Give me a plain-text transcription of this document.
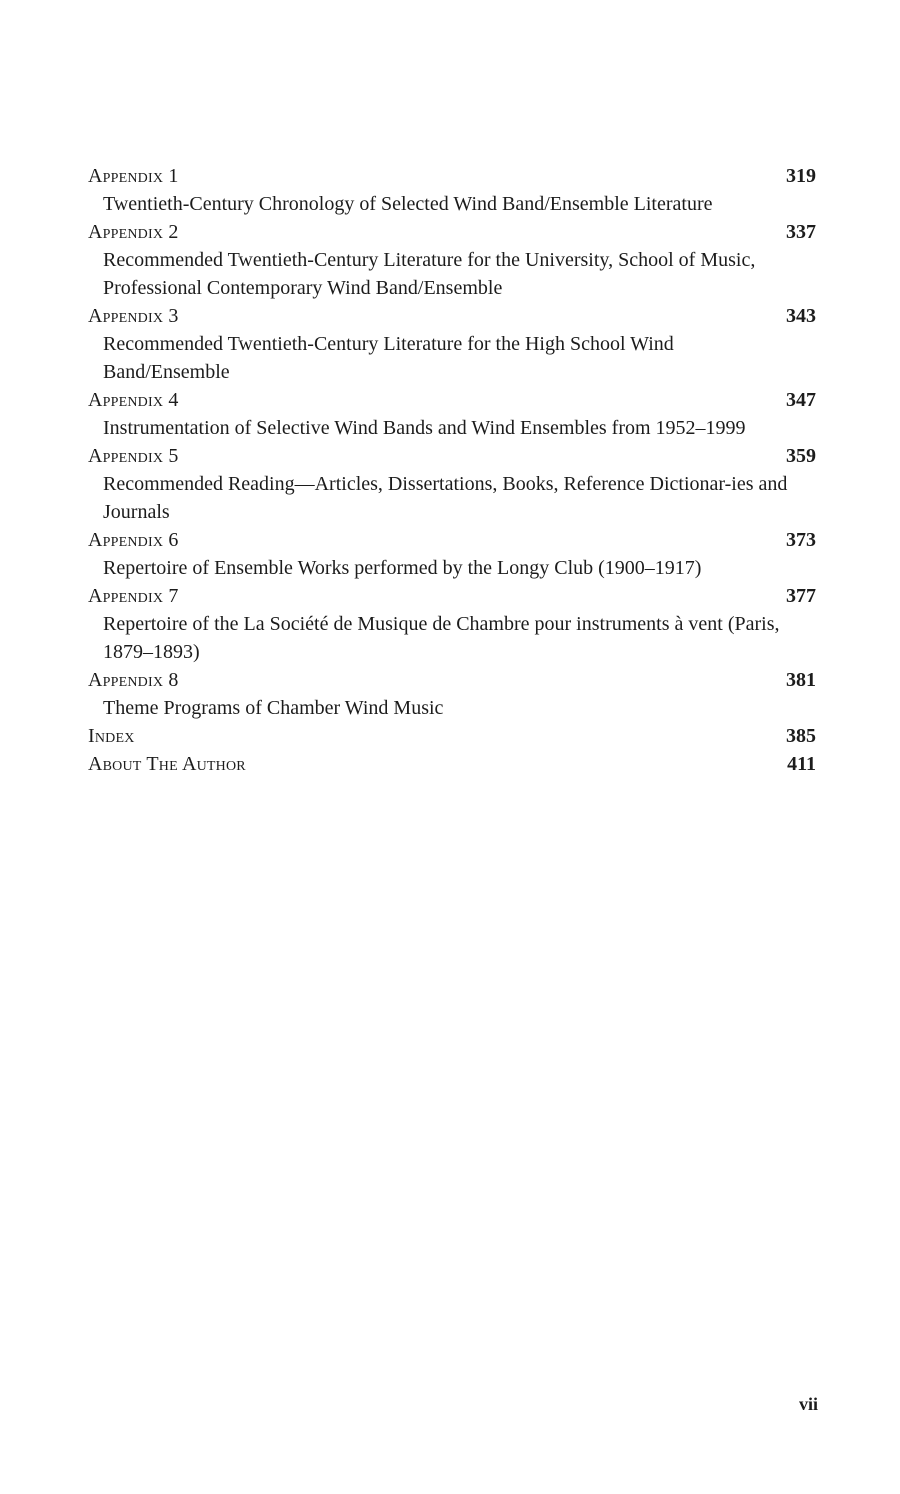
Appendix 1	319
Twentieth-Century Chronology of Selected Wind Band/Ensemble Literature
Appendix 2	337
Recommended Twentieth-Century Literature for the University, School of Music, Professional Contemporary Wind Band/Ensemble
Appendix 3	343
Recommended Twentieth-Century Literature for the High School Wind Band/Ensemble
Appendix 4	347
Instrumentation of Selective Wind Bands and Wind Ensembles from 1952–1999
Appendix 5	359
Recommended Reading—Articles, Dissertations, Books, Reference Dictionar-ies and Journals
Appendix 6	373
Repertoire of Ensemble Works performed by the Longy Club (1900–1917)
Appendix 7	377
Repertoire of the La Société de Musique de Chambre pour instruments à vent (Paris, 1879–1893)
Appendix 8	381
Theme Programs of Chamber Wind Music
Index	385
About The Author	411
vii
